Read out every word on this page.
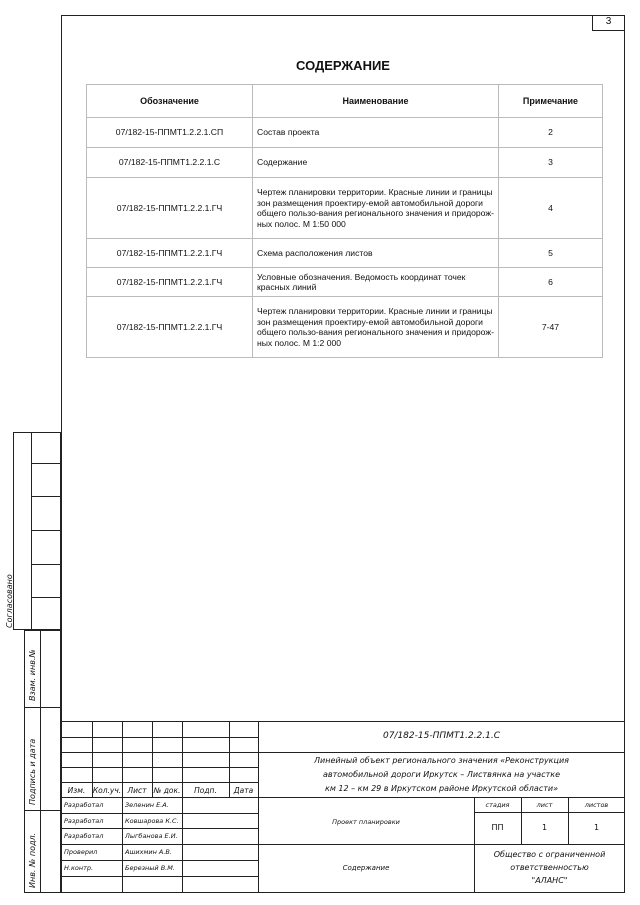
3
СОДЕРЖАНИЕ
Обозначение	Наименование	Примечание
07/182-15-ППМТ1.2.2.1.СП	Состав проекта	2
07/182-15-ППМТ1.2.2.1.С	Содержание	3
07/182-15-ППМТ1.2.2.1.ГЧ	Чертеж планировки территории. Красные линии и границы зон размещения проектиру-емой автомобильной дороги общего пользо-вания регионального значения и придорож-ных полос. М 1:50 000	4
07/182-15-ППМТ1.2.2.1.ГЧ	Схема расположения листов	5
07/182-15-ППМТ1.2.2.1.ГЧ	Условные обозначения. Ведомость координат точек красных линий	6
07/182-15-ППМТ1.2.2.1.ГЧ	Чертеж планировки территории. Красные линии и границы зон размещения проектиру-емой автомобильной дороги общего пользо-вания регионального значения и придорож-ных полос. М 1:2 000	7-47
Согласовано
Взам. инв.№
Подпись и дата
Инв. № подл.
07/182-15-ППМТ1.2.2.1.С
Линейный объект регионального значения «Реконструкция
автомобильной дороги Иркутск – Листвянка на участке
км 12 – км 29 в Иркутском районе Иркутской области»
Изм.	Кол.уч. Лист № док.	Подп.	Дата
Разработал	Зеленин Е.А.
Разработал	Ковшарова К.С.
Разработал	Лыгбанова Е.И.
Проверил	Ашихмин А.В.
Н.контр.	Березный В.М.
Проект планировки
Содержание
стадия	лист	листов
ПП	1	1
Общество с ограниченной
ответственностью
"АЛАНС"
